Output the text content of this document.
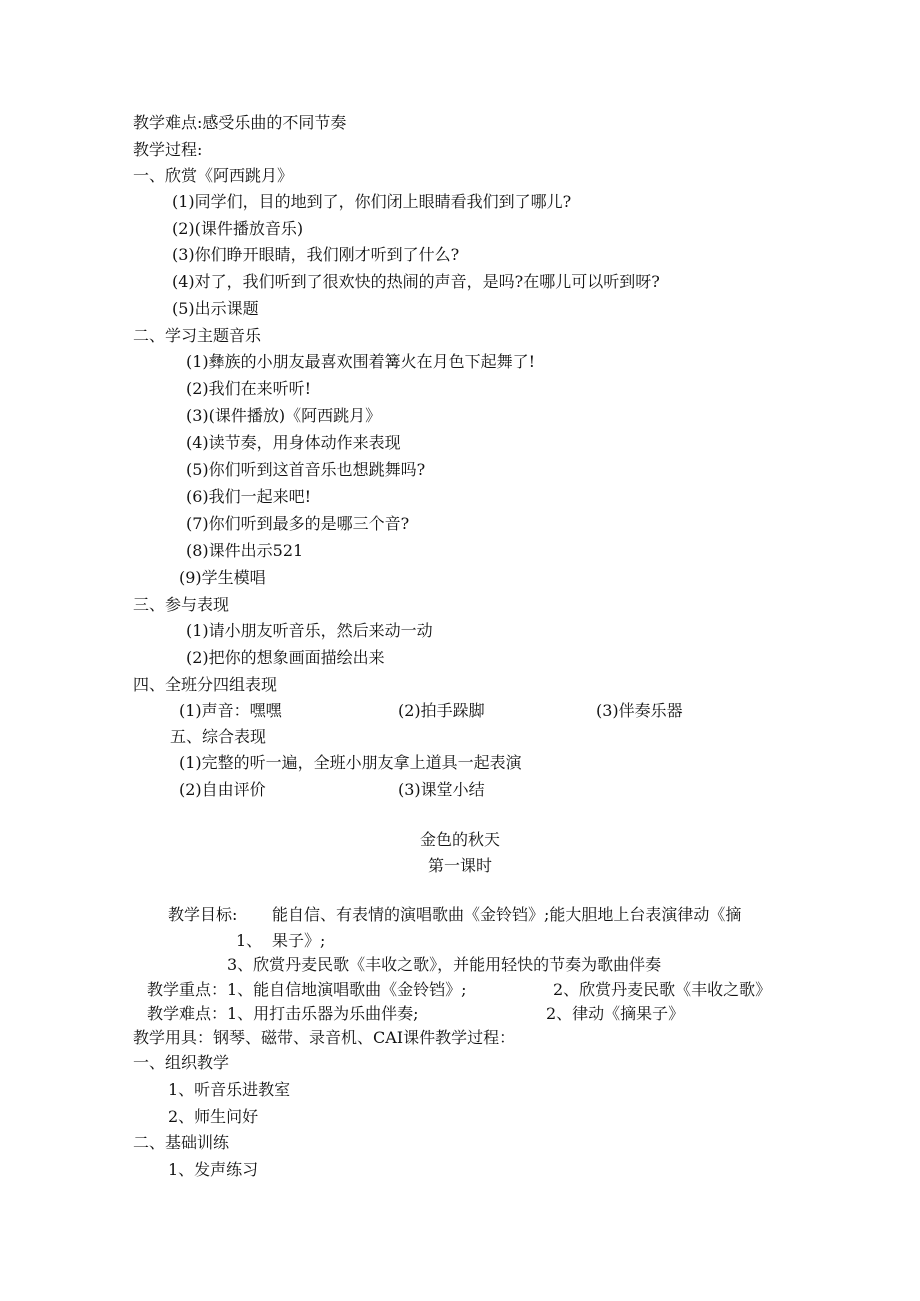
教学难点:感受乐曲的不同节奏
教学过程:
一、欣赏《阿西跳月》
(1)同学们，目的地到了，你们闭上眼睛看我们到了哪儿?
(2)(课件播放音乐)
(3)你们睁开眼睛，我们刚才听到了什么?
(4)对了，我们听到了很欢快的热闹的声音，是吗?在哪儿可以听到呀?
(5)出示课题
二、学习主题音乐
(1)彝族的小朋友最喜欢围着篝火在月色下起舞了!
(2)我们在来听听!
(3)(课件播放)《阿西跳月》
(4)读节奏，用身体动作来表现
(5)你们听到这首音乐也想跳舞吗?
(6)我们一起来吧!
(7)你们听到最多的是哪三个音?
(8)课件出示521
(9)学生模唱
三、参与表现
(1)请小朋友听音乐，然后来动一动
(2)把你的想象画面描绘出来
四、全班分四组表现
(1)声音：嘿嘿	(2)拍手跺脚	(3)伴奏乐器
五、综合表现
(1)完整的听一遍，全班小朋友拿上道具一起表演
(2)自由评价	(3)课堂小结
金色的秋天
第一课时
教学目标: 能自信、有表情的演唱歌曲《金铃铛》;能大胆地上台表演律动《摘
1、 果子》;
3、欣赏丹麦民歌《丰收之歌》，并能用轻快的节奏为歌曲伴奏
教学重点：1、能自信地演唱歌曲《金铃铛》;	2、欣赏丹麦民歌《丰收之歌》
教学难点：1、用打击乐器为乐曲伴奏;	2、律动《摘果子》
教学用具：钢琴、磁带、录音机、CAI课件教学过程：
一、组织教学
1、听音乐进教室
2、师生问好
二、基础训练
1、发声练习
